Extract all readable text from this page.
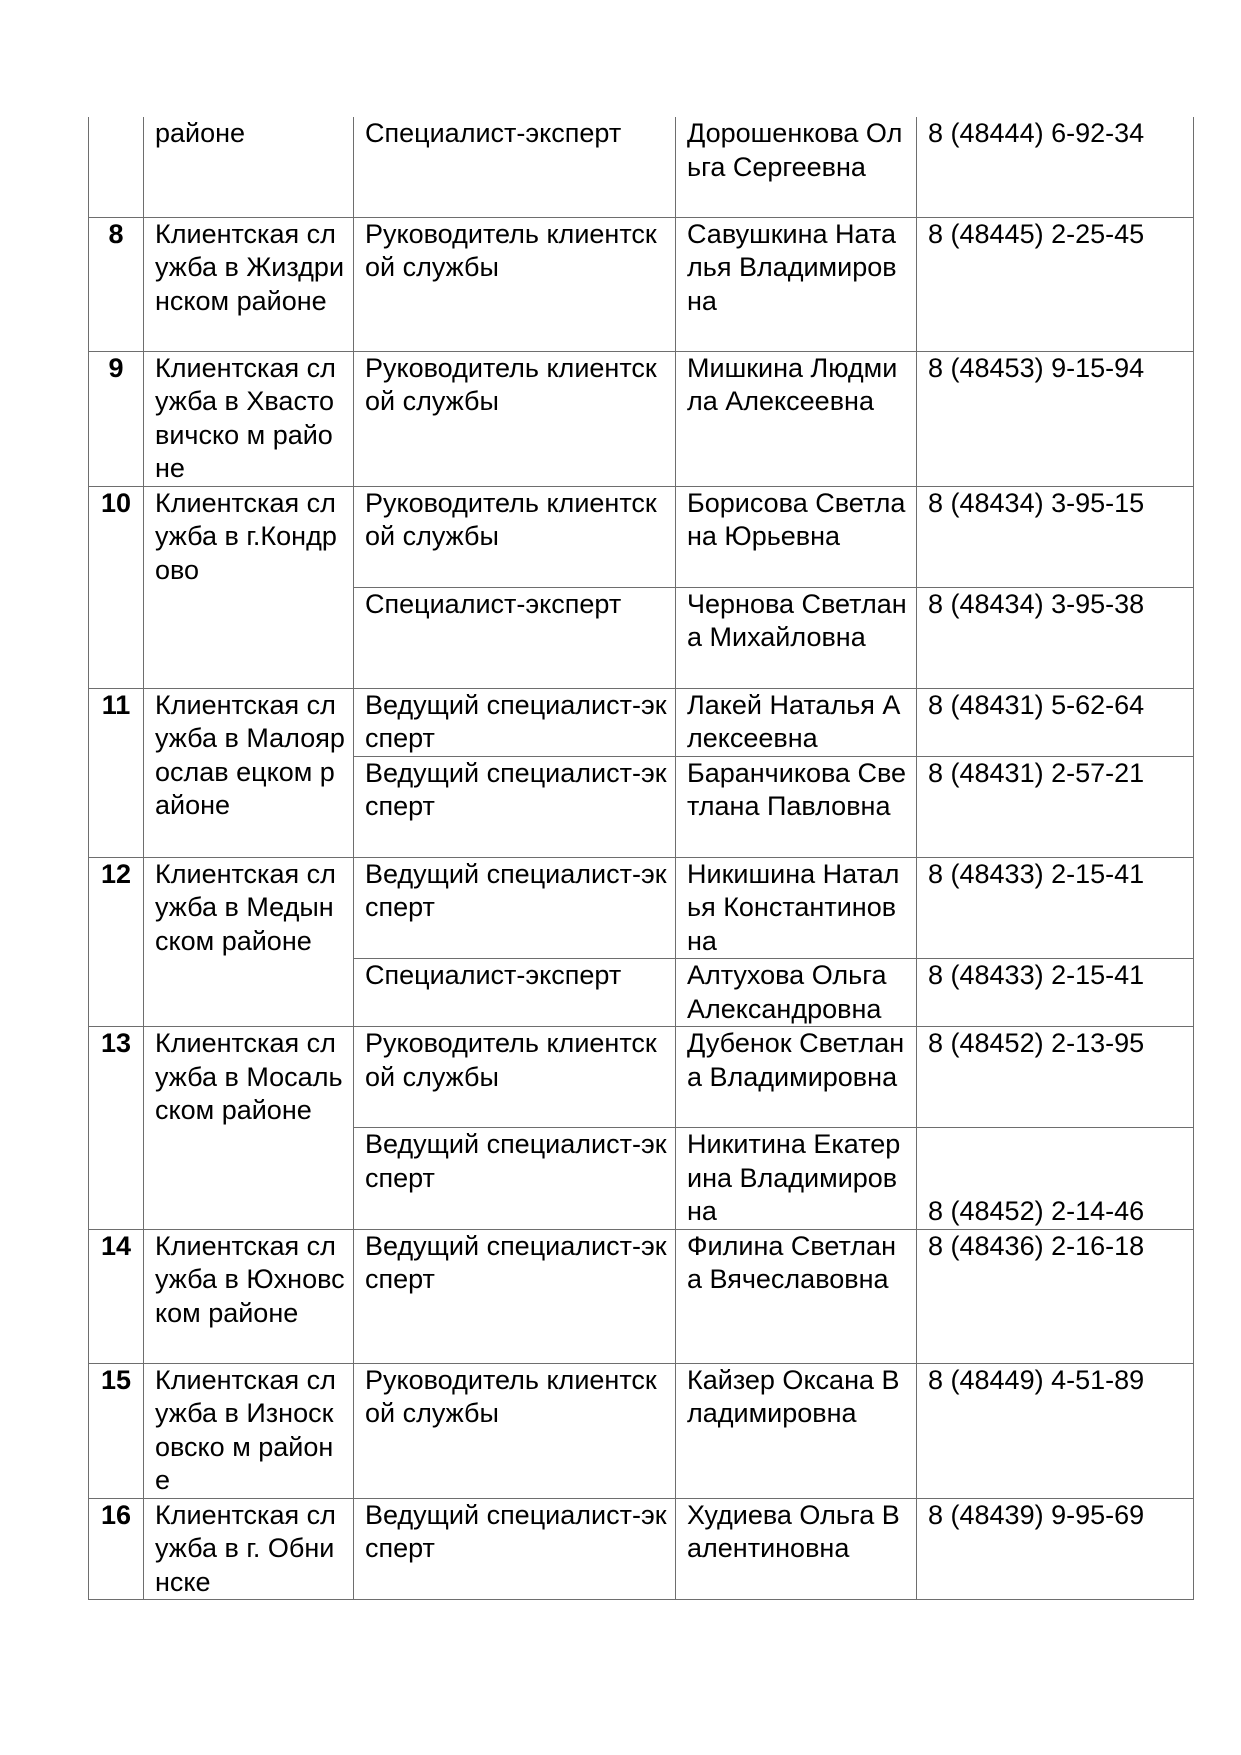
	районе	Специалист-эксперт	Дорошенкова Ольга Сергеевна	8 (48444) 6-92-34
8	Клиентская служба в Жиздринском районе	Руководитель клиентской службы	Савушкина Наталья Владимировна	8 (48445) 2-25-45
9	Клиентская служба в Хвастовичско м районе	Руководитель клиентской службы	Мишкина Людмила Алексеевна	8 (48453) 9-15-94
10	Клиентская служба в г.Кондрово	Руководитель клиентской службы	Борисова Светлана Юрьевна	8 (48434) 3-95-15
		Специалист-эксперт	Чернова Светлана Михайловна	8 (48434) 3-95-38
11	Клиентская служба в Малоярослав ецком районе	Ведущий специалист-эксперт	Лакей Наталья Алексеевна	8 (48431) 5-62-64
		Ведущий специалист-эксперт	Баранчикова Светлана Павловна	8 (48431) 2-57-21
12	Клиентская служба в Медынском районе	Ведущий специалист-эксперт	Никишина Наталья Константиновна	8 (48433) 2-15-41
		Специалист-эксперт	Алтухова Ольга Александровна	8 (48433) 2-15-41
13	Клиентская служба в Мосальском районе	Руководитель клиентской службы	Дубенок Светлана Владимировна	8 (48452) 2-13-95
		Ведущий специалист-эксперт	Никитина Екатерина Владимировна	8 (48452) 2-14-46
14	Клиентская служба в Юхновском районе	Ведущий специалист-эксперт	Филина Светлана Вячеславовна	8 (48436) 2-16-18
15	Клиентская служба в Износковско м районе	Руководитель клиентской службы	Кайзер Оксана Владимировна	8 (48449) 4-51-89
16	Клиентская служба в г. Обнинске	Ведущий специалист-эксперт	Худиева Ольга Валентиновна	8 (48439) 9-95-69
